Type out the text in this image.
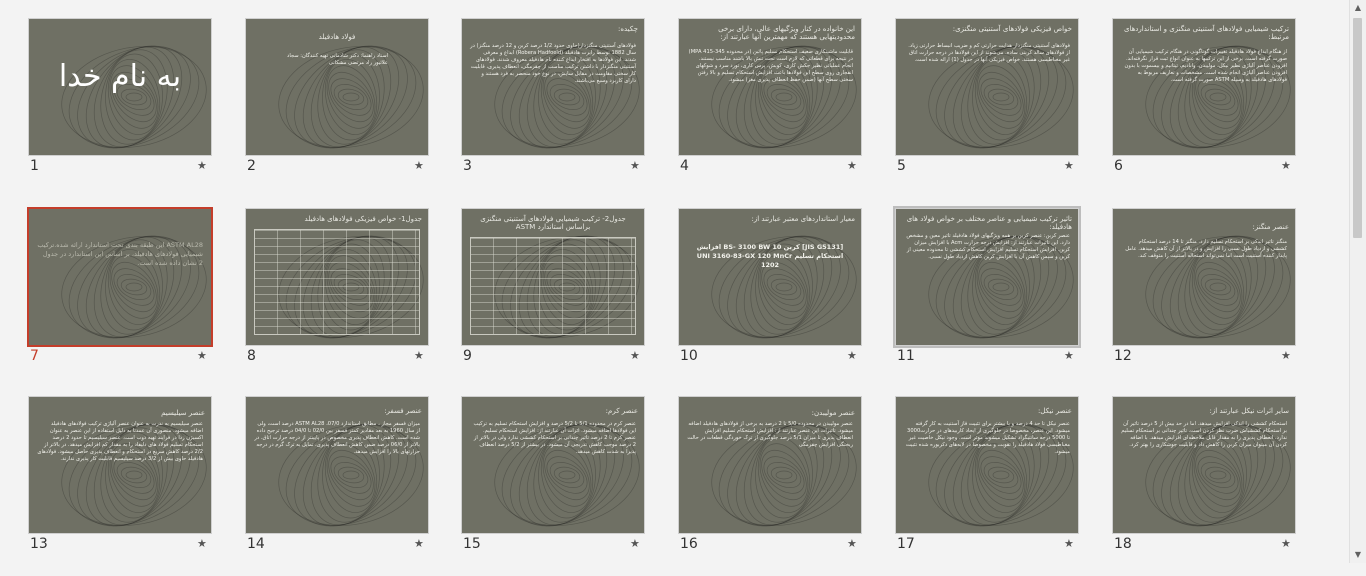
به نام خدا
1	★
فولاد هادفیلد
استاد راهنما: دکتر شادمانی تهیه کنندگان: سجاد علائیور راد مرتضی مشکاتی
2	★
چکیده:
فولادهای آستنیتی منگنزدار(حاوی حدود 1/2 درصد کربن و 12 درصد منگنز) در سال 1882 توسط رابرت هادفیلد (Robera Hadfoeld) ابداع و معرفی شدند. این فولادها به افتخار ابداع کننده نام هادفیلد معروف شدند. فولادهای آستنیتی منگنزدار با داشتن ترکیب مناسب از چقرمگی، انعطاف پذیری، قابلیت کار سختی مقاومت در مقابل سایش، در نوع خود منحصر به فرد هستند و دارای کاربرد وسیع می‌باشند.
3	★
این خانواده در کنار ویژگیهای عالی، دارای برخی محدودیتهایی هستند که مهمترین آنها عبارتند از:
قابلیت ماشینکاری ضعیف استحکام تسلیم پائین (در محدوده 345-415 MPA) در نتیجه برای قطعاتی که لازم است تحت تنش بالا باشند مناسب نیستند. انجام عملیاتی نظیر جکش کاری، کوبش، پرس کاری، تورد سرد و شوکهای انفجاری روی سطح این فولادها باعث افزایش استحکام تسلیم و بالا رفتن سختی سطح آنها (ضمن حفظ انعطاف پذیری مغز) میشود.
4	★
خواص فیزیکی فولادهای آستنیتی منگنزی:
فولادهای آستنیتی منگنزدار هدایت حرارتی کم و ضریب انبساط حرارتی زیاد. از فولادهای سالد کربنی ساده. می‌شوند از این فولادها در درجه حرارت اتاق غیر مغناطیسی هستند. خواص فیزیکی آنها در جدول (1) ارائه شده است.
5	★
ترکیب شیمیایی فولادهای آستنیتی منگنزی و استانداردهای مرتبط:
از هنگام ابداع فولاد هادفیلد تغییرات گوناگونی در هنگام ترکیب شیمیایی آن صورت گرفته است. برخی از این ترکیبها به عنوان انواع ثبت قرار نگرفته‌اند. افزودن عناصر آلیاژی نظیر نیکل، مولیبدن، وانادیم، تیتانیم و بیسموت با بدون افزودن عناصر آلیاژی انجام شده است. مشخصات و تعاریف مربوط به فولادهای هادفیلد به وسیله ASTM صورت گرفته است.
6	★
ASTM AL28 این طبقه بندی تحت استاندارد ارائه شده.ترکیب شیمیایی فولادهای هادفیلد، بر اساس این استاندارد در جدول 2 نشان داده شده است.
7	★
جدول1- خواص فیزیکی فولادهای هادفیلد
8	★
جدول2- ترکیب شیمیایی فولادهای آستنیتی منگنزی براساس استاندارد ASTM
9	★
معیار استانداردهای معتبر عبارتند از:
[JIS G5131] کربن BS- 3100 BW 10 افزایش استحکام تسلیم UNI 3160-83-GX 120 MnCr 1202
10	★
تاثیر ترکیب شیمیایی و عناصر مختلف بر خواص فولاد های هادفیلد:
عنصر کربن: عنصر کربن بر همه ویژگیهای فولاد هادفیلد تاثیر معین و مشخص دارد. این تاثیرات عبارتند از: افزایش درجه حرارت Acm با افزایش میزان کربن. افزایش استحکام تسلیم افزایش استحکام کششی تا محدوده معینی از کربن و سپس کاهش آن با افزایش کربن کاهش ازدیاد طول نسبی.
11	★
عنصر منگنز:
منگنز تاثیر اندکی بر استحکام تسلیم دارد. منگنز تا 14 درصد استحکام کششی و ازدیاد طول نسبی را افزایش و در بالاتر از آن کاهش میدهد. عامل پایدار کننده آستنیت است اما نمی‌تواند استحاله آستنیت را متوقف کند.
12	★
عنصر سیلیسیم
عنصر سیلیسیم به ندرت به عنوان عنصر آلیاژی ترکیب فولادهای هادفیلد اضافه میشود. منصوری آن عمدتا به دلیل استفاده از این عنصر به عنوان اکسیژن زدا در فرایند تهیه ذوب است. عنصر سیلیسیم تا حدود 2 درصد استحکام تسلیم فولاد های دلیفاد را به مقدار کم افزایش میدهد. در بالاتر از 2/2 درصد کاهش سریع در استحکام و انعطاف پذیری حاصل میشود. فولادهای هادفیلد حاوی بیش از 3/2 درصد سیلیسیم قابلیت کار پذیری ندارند.
13	★
عنصر فسفر:
میزان فسفر مجاز ، مطابق استاندارد ASTM AL28 ،07/0 درصد است، ولی از سال 1960 به بعد مقادیر کمتر فسفر بین 02/0 تا 04/0 درصد ترجیح داده شده است. کاهش انعطاف پذیری مخصوص در پایینتر از درجه حرارت اتاق. در بالاتر از 06/0 درصد ضمن کاهش انعطاف پذیری، تمایل به ترک گرم در درجه حرارتهای بالا را افزایش میدهد.
14	★
عنصر کرم:
عنصر کرم در محدوده 5/1 تا 5/2 درصد و افزایش استحکام تسلیم به ترکیب این فولادها اضافه میشود. اثرات آن عبارتند از: افزایش استحکام تسلیم. عنصر کرم تا 2 درصد تاثیر چندانی بر استحکام کششی ندارد ولی در بالاتر از 2 درصد موجب کاهش تدریجی آن میشود. در بیشتر از 5/2 درصد انعطاف پذیرا به شدت کاهش میدهد.
15	★
عنصر مولیبدن:
عنصر مولیبدن در محدوده 5/0 تا 2 درصد به برخی از فولادهای هادفیلد اضافه میشود. تاثیرات این عنصر عبارتند از: افزایش استحکام تسلیم افزایش انعطاف پذیری تا میزان 5/1 درصد جلوگیری از ترک خوردگی قطعات در حالت ریختگی افزایش چقرمگی
16	★
عنصر نیکل:
عنصر نیکل تا حد 4 درصد و یا بیشتر برای تثبیت فاز آستنیت به کار گرفته میشود. این عنصر، مخصوصا در جلوگیری از ایجاد کاربیدهای در حرارت3000 تا 5000 درجه سانتیگراد تشکیل میشوند موثر است. وجود نیکل خاصیت غیر مغناطیسی فولاد هادفیلد را تقویت و مخصوصا در لایه‌های دکربوره شده تثبیت میشود.
17	★
سایر اثرات نیکل عبارتند از:
استحکام کششی را اندکی افزایش میدهد. اما در حد بیش از 5 درصد تاثیر آن بر استحکام کششیاش ضرب نظر کردن است. تاثیر چندانی بر استحکام تسلیم ندارد. انعطاف پذیری را به مقدار قابل ملاحظه‌ای افزایش میدهد. با اضافه کردن آن میتوان میزان کربن را کاهش داد و قابلیت جوشکاری را بهتر کرد.
18	★
▲
▼
